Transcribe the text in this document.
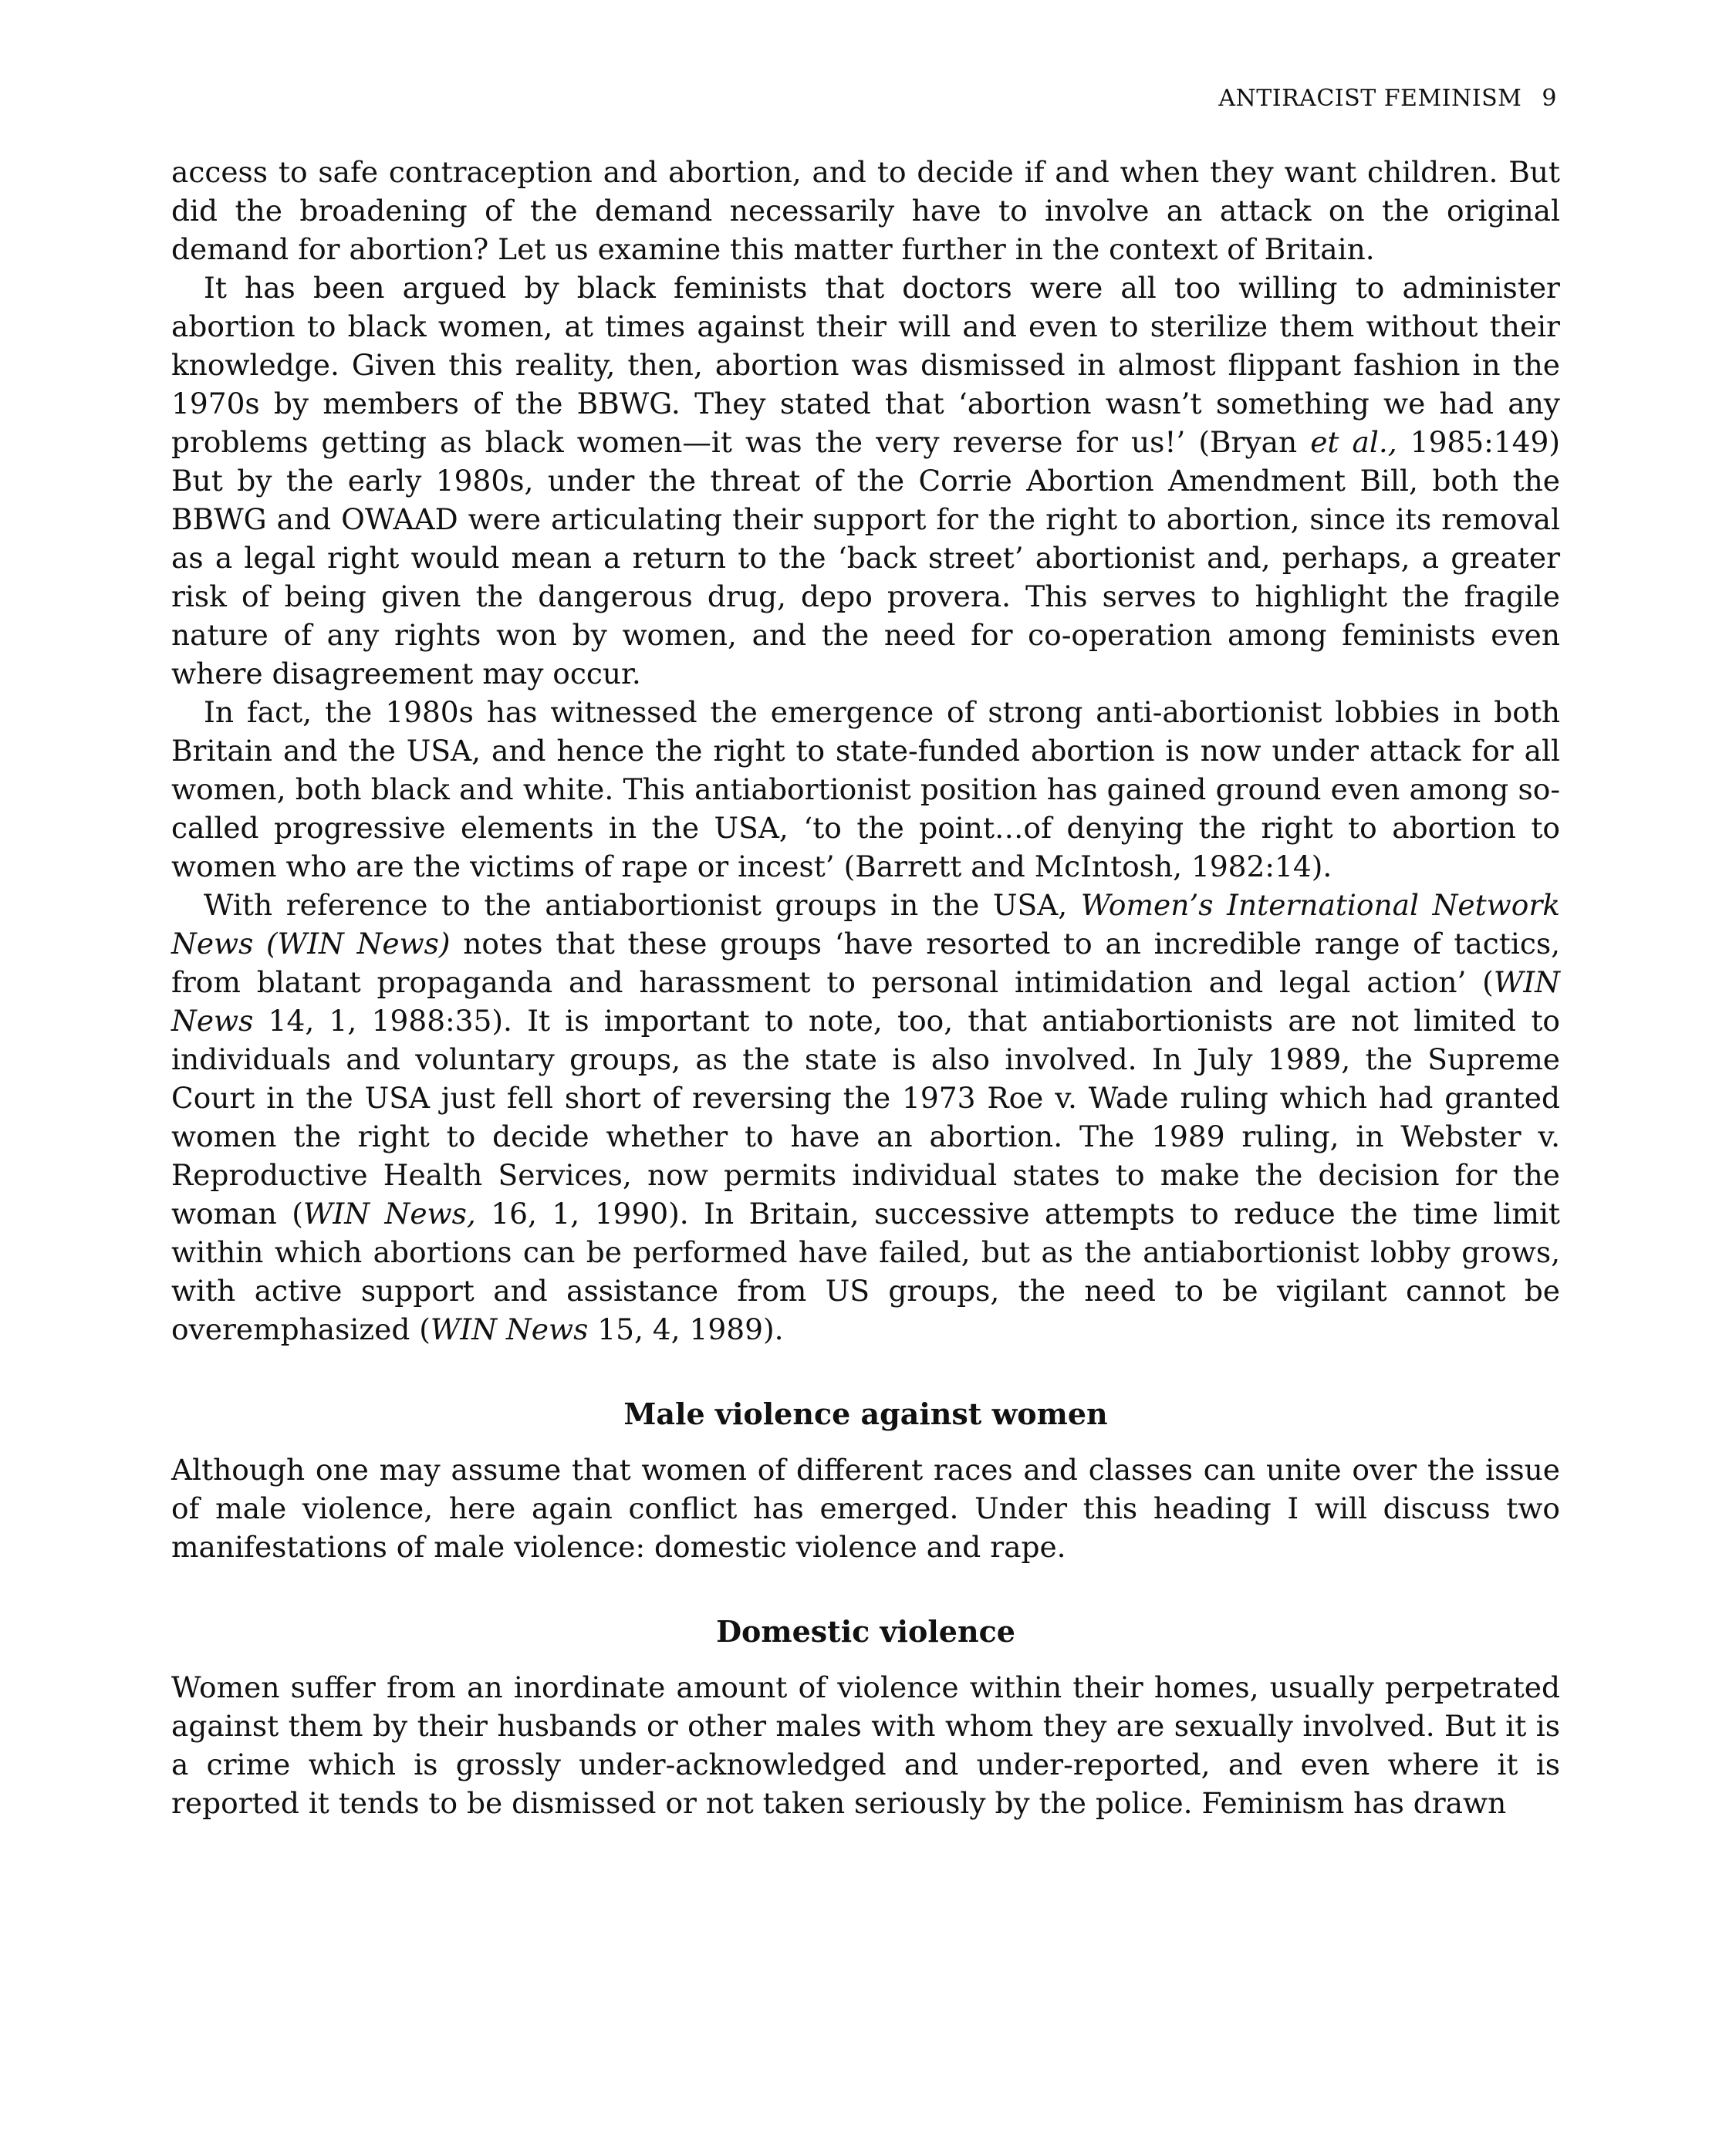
ANTIRACIST FEMINISM 9

access to safe contraception and abortion, and to decide if and when they want children. But did the broadening of the demand necessarily have to involve an attack on the original demand for abortion? Let us examine this matter further in the context of Britain.

It has been argued by black feminists that doctors were all too willing to administer abortion to black women, at times against their will and even to sterilize them without their knowledge. Given this reality, then, abortion was dismissed in almost flippant fashion in the 1970s by members of the BBWG. They stated that ‘abortion wasn’t something we had any problems getting as black women—it was the very reverse for us!’ (Bryan et al., 1985:149) But by the early 1980s, under the threat of the Corrie Abortion Amendment Bill, both the BBWG and OWAAD were articulating their support for the right to abortion, since its removal as a legal right would mean a return to the ‘back street’ abortionist and, perhaps, a greater risk of being given the dangerous drug, depo provera. This serves to highlight the fragile nature of any rights won by women, and the need for co-operation among feminists even where disagreement may occur.

In fact, the 1980s has witnessed the emergence of strong anti-abortionist lobbies in both Britain and the USA, and hence the right to state-funded abortion is now under attack for all women, both black and white. This antiabortionist position has gained ground even among so-called progressive elements in the USA, ‘to the point…of denying the right to abortion to women who are the victims of rape or incest’ (Barrett and McIntosh, 1982:14).

With reference to the antiabortionist groups in the USA, Women’s International Network News (WIN News) notes that these groups ‘have resorted to an incredible range of tactics, from blatant propaganda and harassment to personal intimidation and legal action’ (WIN News 14, 1, 1988:35). It is important to note, too, that antiabortionists are not limited to individuals and voluntary groups, as the state is also involved. In July 1989, the Supreme Court in the USA just fell short of reversing the 1973 Roe v. Wade ruling which had granted women the right to decide whether to have an abortion. The 1989 ruling, in Webster v. Reproductive Health Services, now permits individual states to make the decision for the woman (WIN News, 16, 1, 1990). In Britain, successive attempts to reduce the time limit within which abortions can be performed have failed, but as the antiabortionist lobby grows, with active support and assistance from US groups, the need to be vigilant cannot be overemphasized (WIN News 15, 4, 1989).

Male violence against women

Although one may assume that women of different races and classes can unite over the issue of male violence, here again conflict has emerged. Under this heading I will discuss two manifestations of male violence: domestic violence and rape.

Domestic violence

Women suffer from an inordinate amount of violence within their homes, usually perpetrated against them by their husbands or other males with whom they are sexually involved. But it is a crime which is grossly under-acknowledged and under-reported, and even where it is reported it tends to be dismissed or not taken seriously by the police. Feminism has drawn
